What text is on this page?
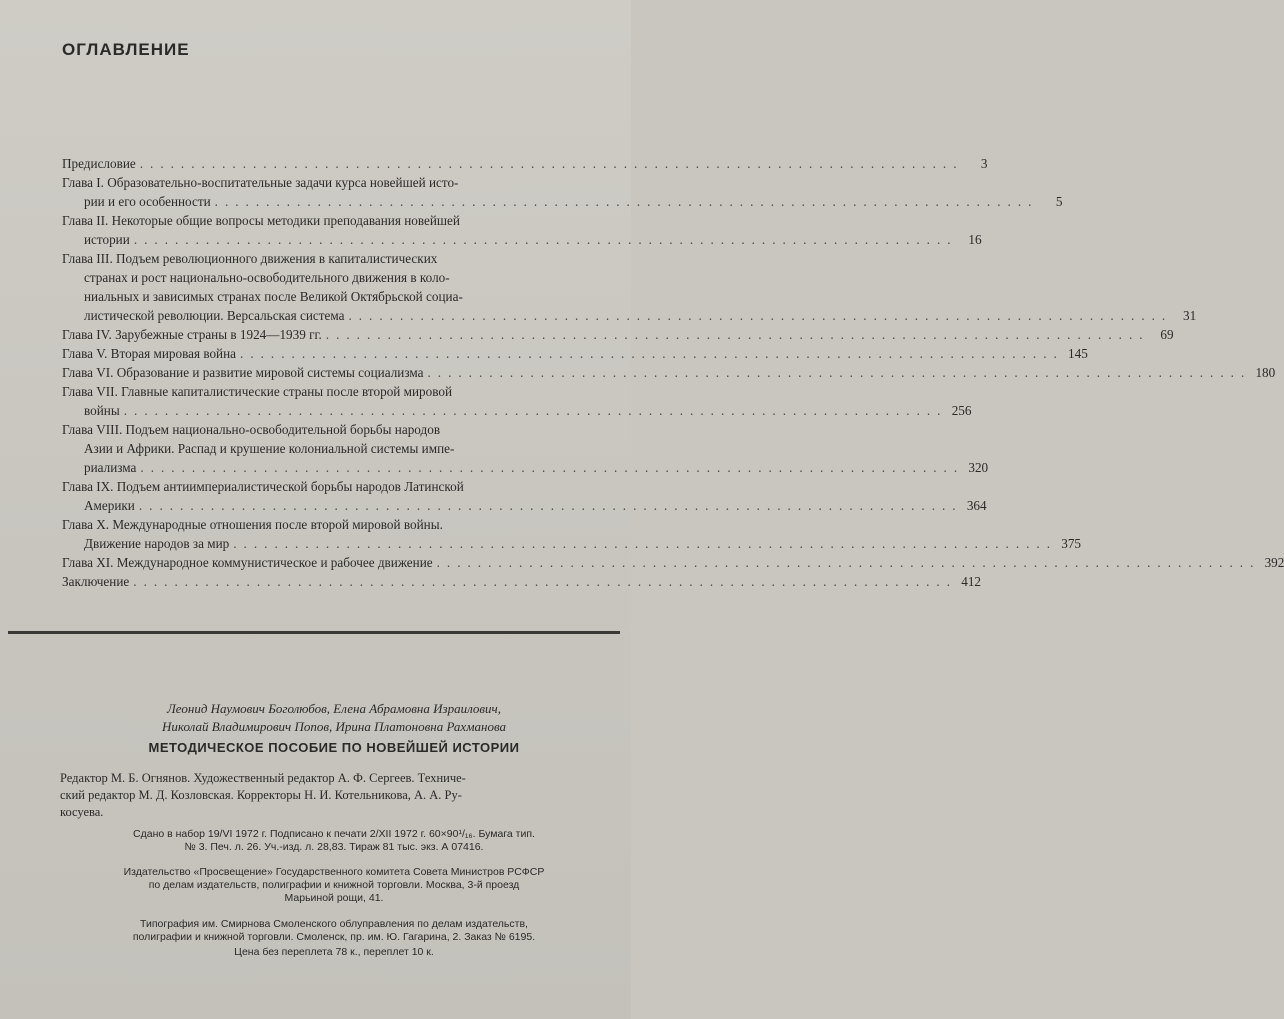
ОГЛАВЛЕНИЕ
Предисловие ................................................................................	3
Глава I. Образовательно-воспитательные задачи курса новейшей исто-
рии и его особенности ................................................................................	5
Глава II. Некоторые общие вопросы методики преподавания новейшей
истории ................................................................................ 16
Глава III. Подъем революционного движения в капиталистических
странах и рост национально-освободительного движения в коло-
ниальных и зависимых странах после Великой Октябрьской социа-
листической революции. Версальская система ................................................................................ 31
Глава IV. Зарубежные страны в 1924—1939 гг. ................................................................................ 69
Глава V. Вторая мировая война ................................................................................ 145
Глава VI. Образование и развитие мировой системы социализма ................................................................................ 180
Глава VII. Главные капиталистические страны после второй мировой
войны ................................................................................ 256
Глава VIII. Подъем национально-освободительной борьбы народов
Азии и Африки. Распад и крушение колониальной системы импе-
риализма ................................................................................ 320
Глава IX. Подъем антиимпериалистической борьбы народов Латинской
Америки ................................................................................ 364
Глава X. Международные отношения после второй мировой войны.
Движение народов за мир ................................................................................ 375
Глава XI. Международное коммунистическое и рабочее движение ................................................................................ 392
Заключение ................................................................................ 412
Леонид Наумович Боголюбов, Елена Абрамовна Израилович,
Николай Владимирович Попов, Ирина Платоновна Рахманова
МЕТОДИЧЕСКОЕ ПОСОБИЕ ПО НОВЕЙШЕЙ ИСТОРИИ
Редактор М. Б. Огнянов. Художественный редактор А. Ф. Сергеев. Техниче-
ский редактор М. Д. Козловская. Корректоры Н. И. Котельникова, А. А. Ру-
косуева.
Сдано в набор 19/VI 1972 г. Подписано к печати 2/XII 1972 г. 60×90¹/₁₆. Бумага тип.
№ 3. Печ. л. 26. Уч.-изд. л. 28,83. Тираж 81 тыс. экз. А 07416.
Издательство «Просвещение» Государственного комитета Совета Министров РСФСР
по делам издательств, полиграфии и книжной торговли. Москва, 3-й проезд
Марьиной рощи, 41.
Типография им. Смирнова Смоленского облуправления по делам издательств,
полиграфии и книжной торговли. Смоленск, пр. им. Ю. Гагарина, 2. Заказ № 6195.
Цена без переплета 78 к., переплет 10 к.
